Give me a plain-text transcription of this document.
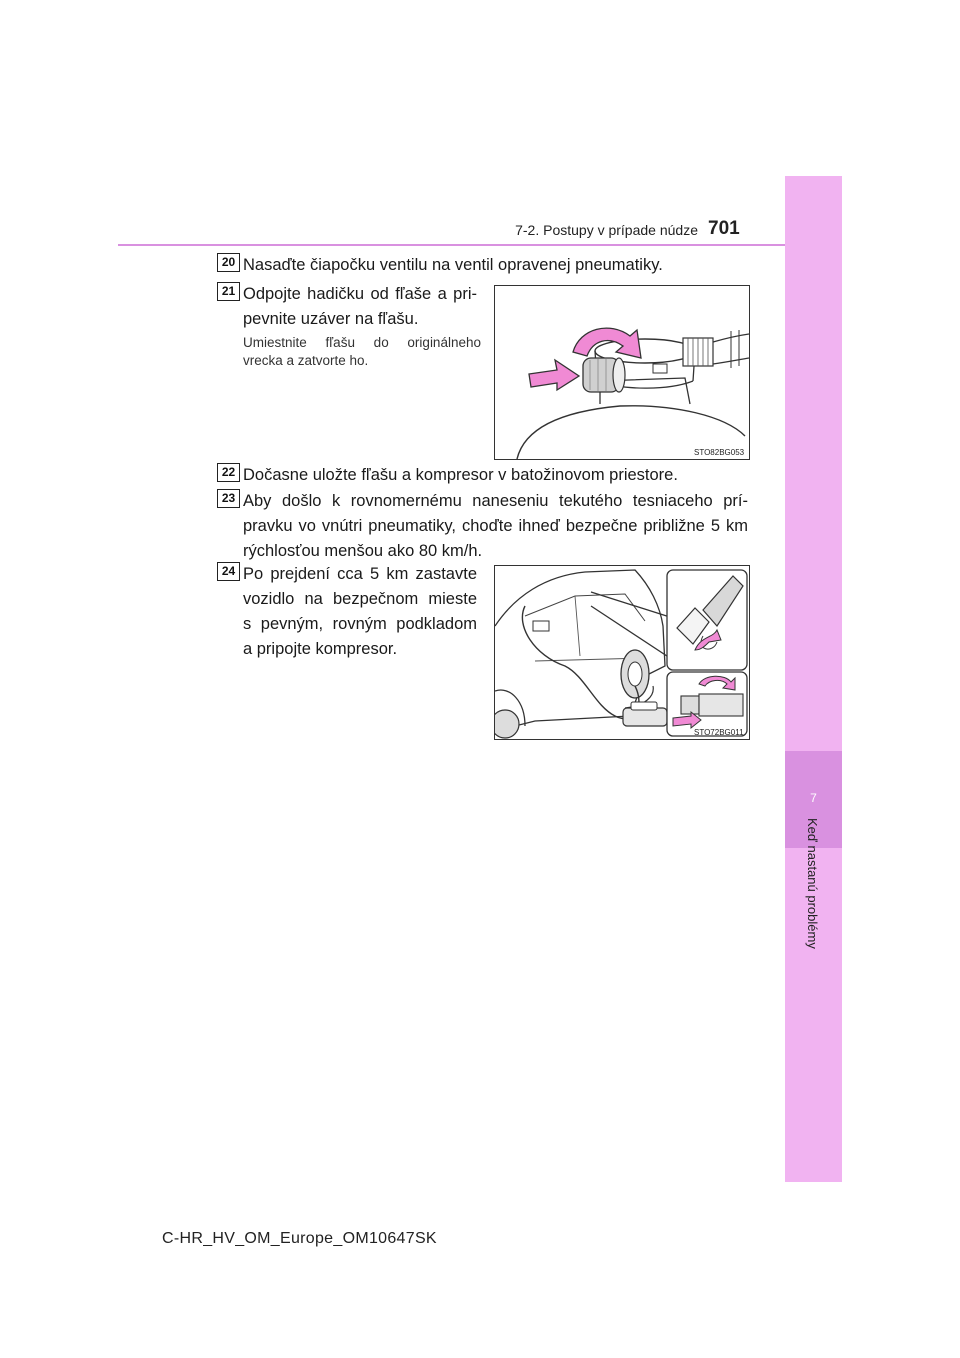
7
Keď nastanú problémy
7-2. Postupy v prípade núdze 701
20 Nasaďte čiapočku ventilu na ventil opravenej pneumatiky.
21 Odpojte hadičku od fľaše a pri-
pevnite uzáver na fľašu.
Umiestnite fľašu do originálneho
vrecka a zatvorte ho.
STO82BG053
22 Dočasne uložte fľašu a kompresor v batožinovom priestore.
23 Aby došlo k rovnomernému naneseniu tekutého tesniaceho prí-
pravku vo vnútri pneumatiky, choďte ihneď bezpečne približne 5 km
rýchlosťou menšou ako 80 km/h.
24 Po prejdení cca 5 km zastavte
vozidlo na bezpečnom mieste
s pevným, rovným podkladom
a pripojte kompresor.
STO72BG011
C-HR_HV_OM_Europe_OM10647SK
